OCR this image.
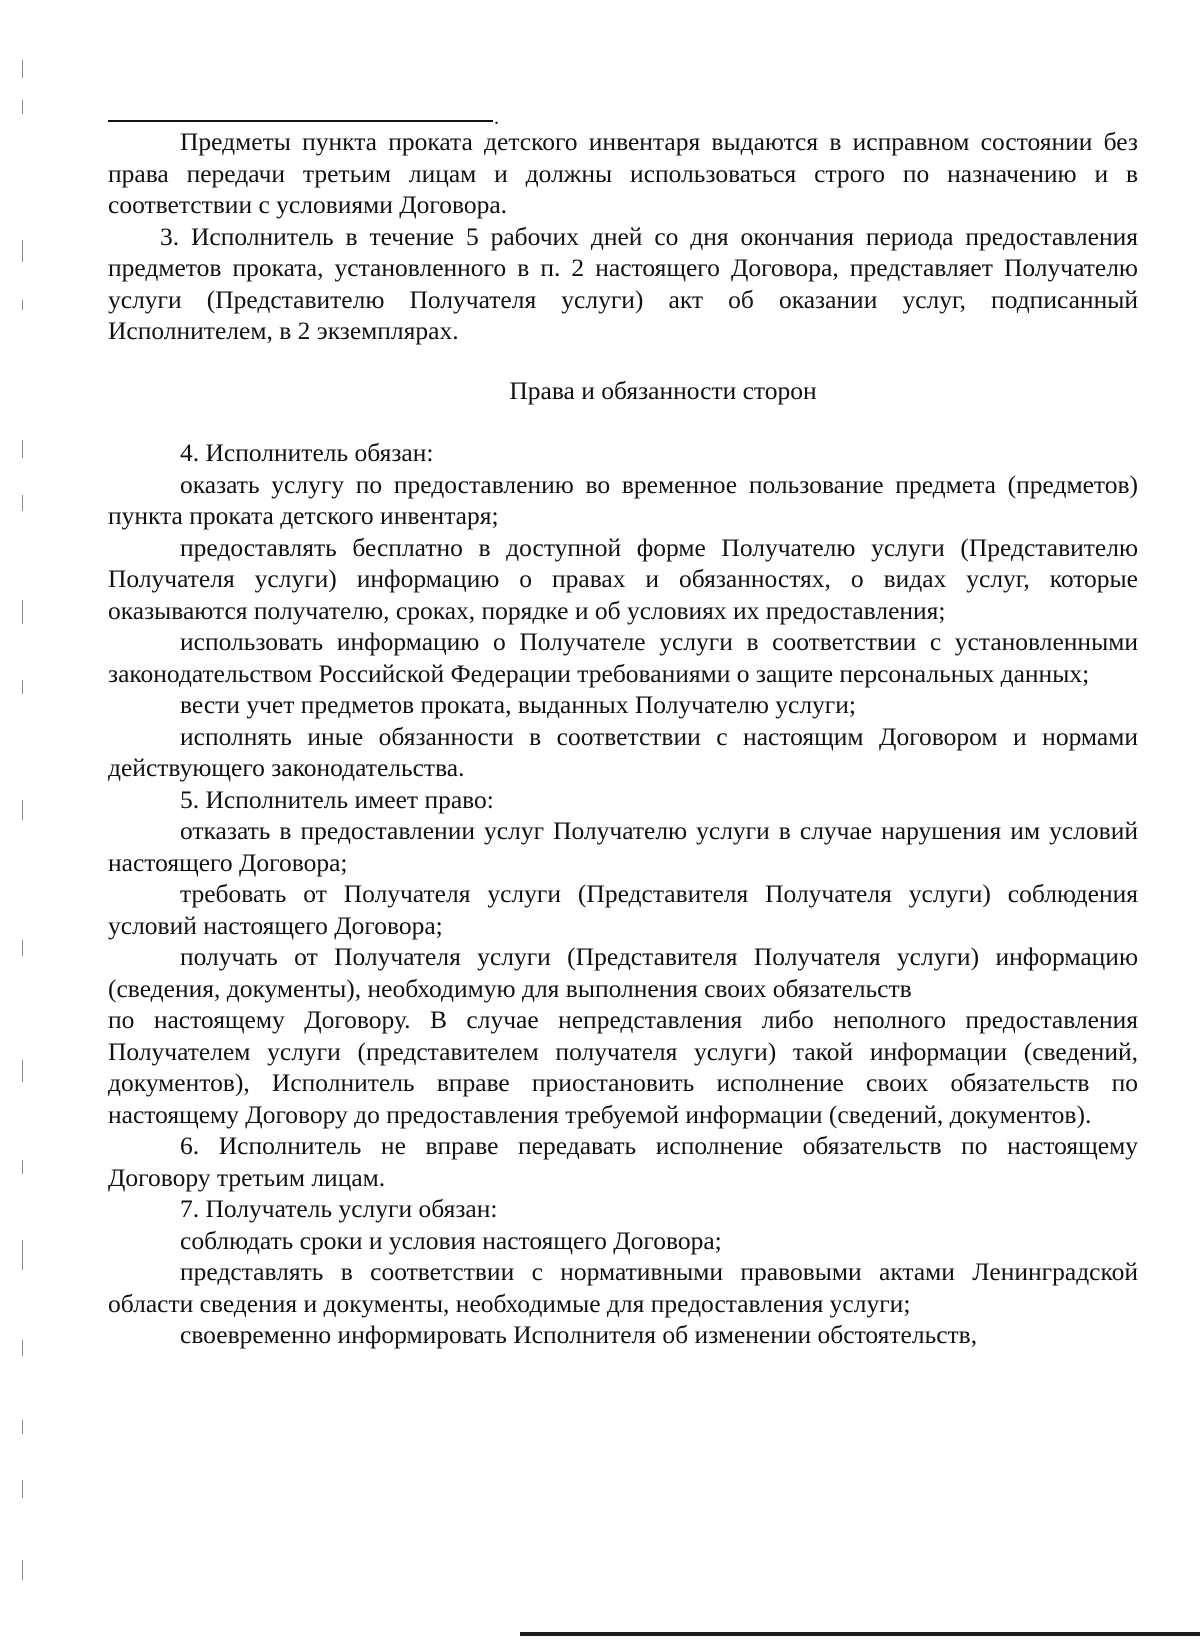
.

Предметы пункта проката детского инвентаря выдаются в исправном состоянии без права передачи третьим лицам и должны использоваться строго по назначению и в соответствии с условиями Договора.

3. Исполнитель в течение 5 рабочих дней со дня окончания периода предоставления предметов проката, установленного в п. 2 настоящего Договора, представляет Получателю услуги (Представителю Получателя услуги) акт об оказании услуг, подписанный Исполнителем, в 2 экземплярах.

Права и обязанности сторон

4. Исполнитель обязан:

оказать услугу по предоставлению во временное пользование предмета (предметов) пункта проката детского инвентаря;

предоставлять бесплатно в доступной форме Получателю услуги (Представителю Получателя услуги) информацию о правах и обязанностях, о видах услуг, которые оказываются получателю, сроках, порядке и об условиях их предоставления;

использовать информацию о Получателе услуги в соответствии с установленными законодательством Российской Федерации требованиями о защите персональных данных;

вести учет предметов проката, выданных Получателю услуги;

исполнять иные обязанности в соответствии с настоящим Договором и нормами действующего законодательства.

5. Исполнитель имеет право:

отказать в предоставлении услуг Получателю услуги в случае нарушения им условий настоящего Договора;

требовать от Получателя услуги (Представителя Получателя услуги) соблюдения условий настоящего Договора;

получать от Получателя услуги (Представителя Получателя услуги) информацию (сведения, документы), необходимую для выполнения своих обязательств

по настоящему Договору. В случае непредставления либо неполного предоставления Получателем услуги (представителем получателя услуги) такой информации (сведений, документов), Исполнитель вправе приостановить исполнение своих обязательств по настоящему Договору до предоставления требуемой информации (сведений, документов).

6. Исполнитель не вправе передавать исполнение обязательств по настоящему Договору третьим лицам.

7. Получатель услуги обязан:

соблюдать сроки и условия настоящего Договора;

представлять в соответствии с нормативными правовыми актами Ленинградской области сведения и документы, необходимые для предоставления услуги;

своевременно информировать Исполнителя об изменении обстоятельств,
